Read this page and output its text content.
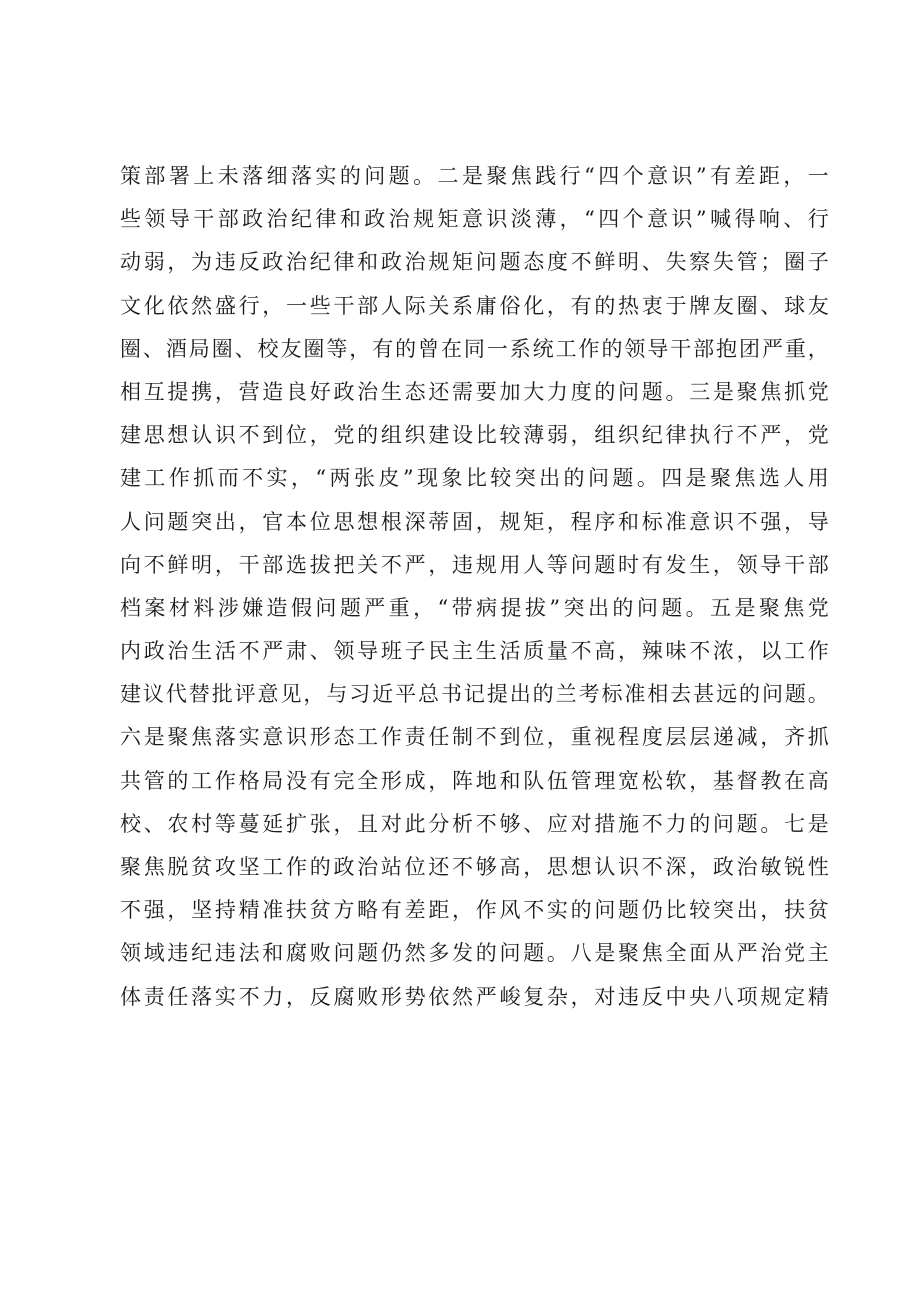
策部署上未落细落实的问题。二是聚焦践行“四个意识”有差距，一
些领导干部政治纪律和政治规矩意识淡薄，“四个意识”喊得响、行
动弱，为违反政治纪律和政治规矩问题态度不鲜明、失察失管；圈子
文化依然盛行，一些干部人际关系庸俗化，有的热衷于牌友圈、球友
圈、酒局圈、校友圈等，有的曾在同一系统工作的领导干部抱团严重，
相互提携，营造良好政治生态还需要加大力度的问题。三是聚焦抓党
建思想认识不到位，党的组织建设比较薄弱，组织纪律执行不严，党
建工作抓而不实，“两张皮”现象比较突出的问题。四是聚焦选人用
人问题突出，官本位思想根深蒂固，规矩，程序和标准意识不强，导
向不鲜明，干部选拔把关不严，违规用人等问题时有发生，领导干部
档案材料涉嫌造假问题严重，“带病提拔”突出的问题。五是聚焦党
内政治生活不严肃、领导班子民主生活质量不高，辣味不浓，以工作
建议代替批评意见，与习近平总书记提出的兰考标准相去甚远的问题。
六是聚焦落实意识形态工作责任制不到位，重视程度层层递减，齐抓
共管的工作格局没有完全形成，阵地和队伍管理宽松软，基督教在高
校、农村等蔓延扩张，且对此分析不够、应对措施不力的问题。七是
聚焦脱贫攻坚工作的政治站位还不够高，思想认识不深，政治敏锐性
不强，坚持精准扶贫方略有差距，作风不实的问题仍比较突出，扶贫
领域违纪违法和腐败问题仍然多发的问题。八是聚焦全面从严治党主
体责任落实不力，反腐败形势依然严峻复杂，对违反中央八项规定精
